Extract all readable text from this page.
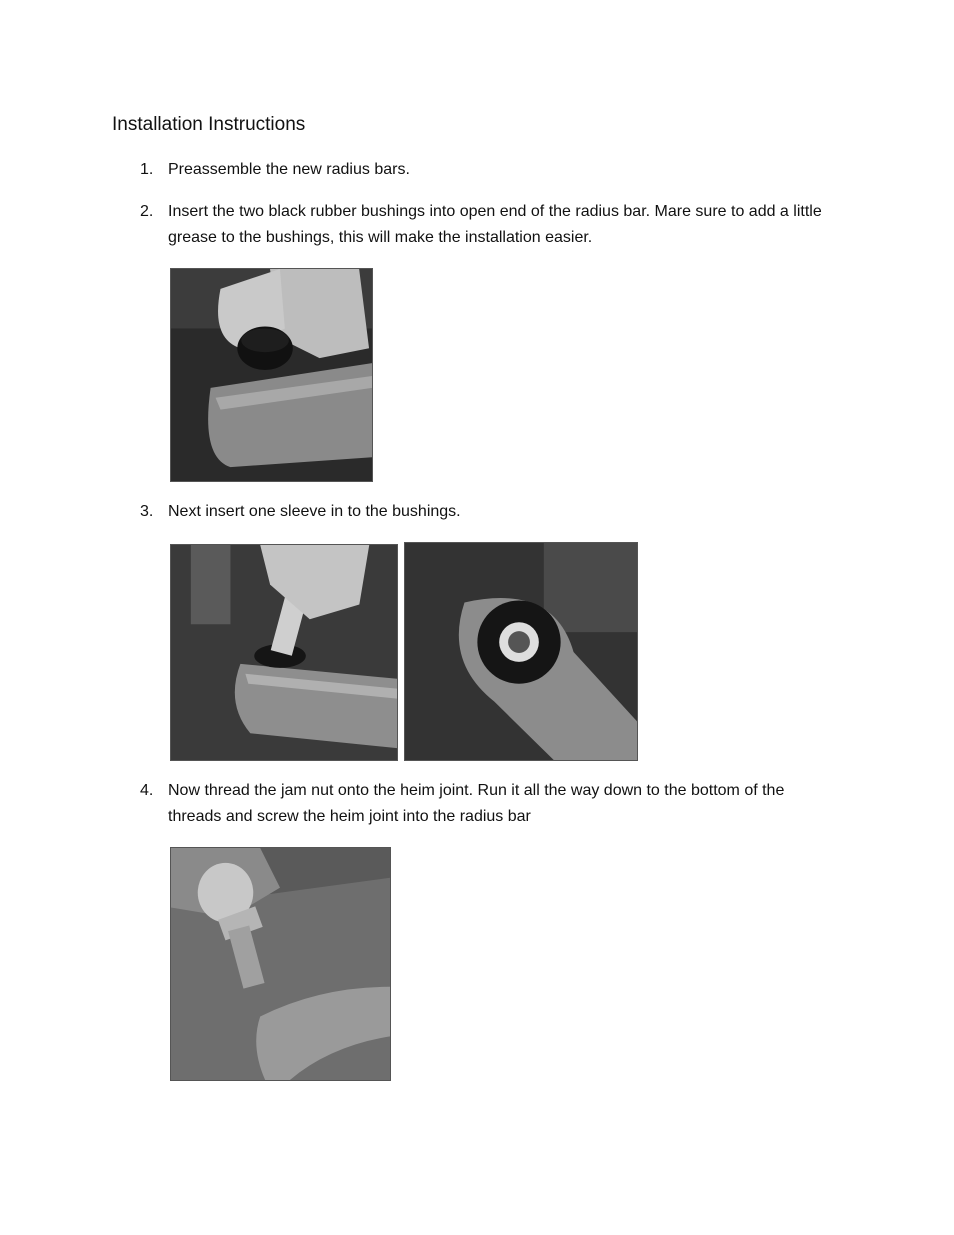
Installation Instructions
1. Preassemble the new radius bars.
2. Insert the two black rubber bushings into open end of the radius bar. Mare sure to add a little grease to the bushings, this will make the installation easier.
3. Next insert one sleeve in to the bushings.
4. Now thread the jam nut onto the heim joint. Run it all the way down to the bottom of the threads and screw the heim joint into the radius bar
